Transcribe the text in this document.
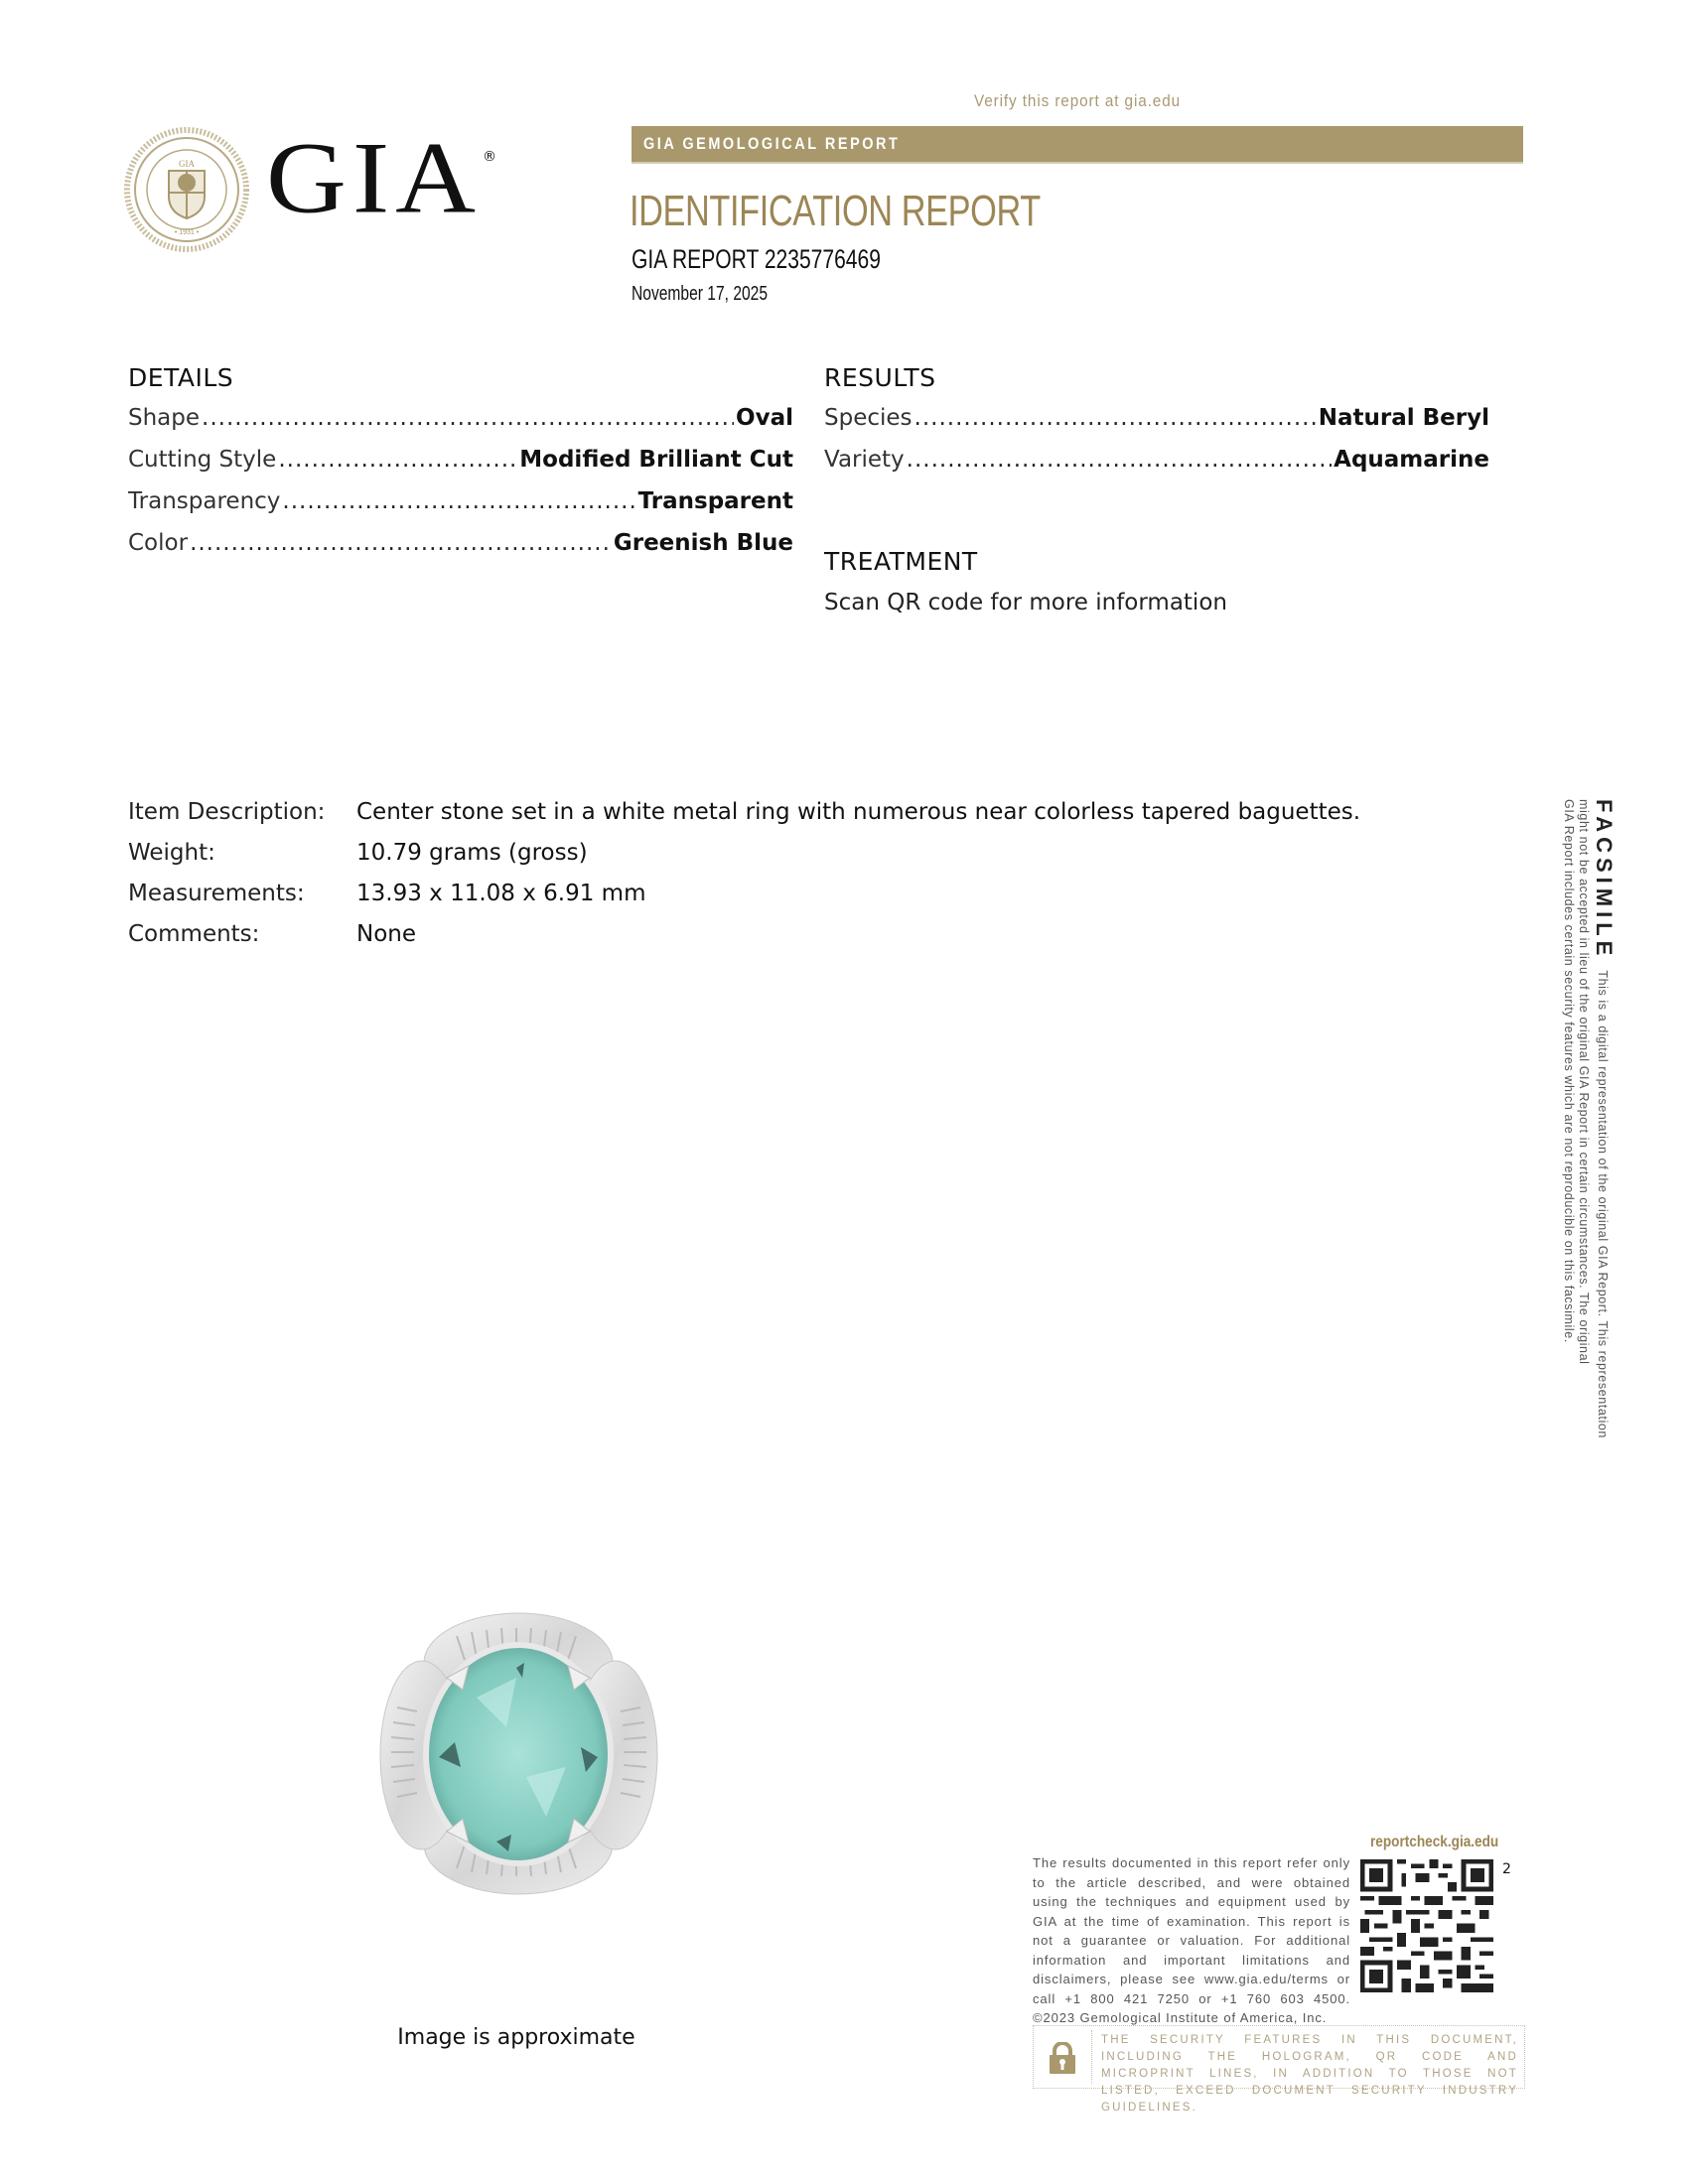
GIA
• 1931 • GIA ®
Verify this report at gia.edu
GIA GEMOLOGICAL REPORT
IDENTIFICATION REPORT
GIA REPORT 2235776469
November 17, 2025
DETAILS
Shape .....	Oval
Cutting Style .....	Modified Brilliant Cut
Transparency .....	Transparent
Color .....	Greenish Blue
RESULTS
Species .....	Natural Beryl
Variety .....	Aquamarine
TREATMENT
Scan QR code for more information
Item Description:	Center stone set in a white metal ring with numerous near colorless tapered baguettes.
Weight:	10.79 grams (gross)
Measurements:	13.93 x 11.08 x 6.91 mm
Comments:	None
Image is approximate
FACSIMILE
This is a digital representation of the original GIA Report. This representation
might not be accepted in lieu of the original GIA Report in certain circumstances. The original
GIA Report includes certain security features which are not reproducible on this facsimile.
reportcheck.gia.edu
The results documented in this report refer only to the article described, and were obtained using the techniques and equipment used by GIA at the time of examination. This report is not a guarantee or valuation. For additional information and important limitations and disclaimers, please see www.gia.edu/terms or call +1 800 421 7250 or +1 760 603 4500. ©2023 Gemological Institute of America, Inc.
2
THE SECURITY FEATURES IN THIS DOCUMENT, INCLUDING THE HOLOGRAM, QR CODE AND MICROPRINT LINES, IN ADDITION TO THOSE NOT LISTED, EXCEED DOCUMENT SECURITY INDUSTRY GUIDELINES.
